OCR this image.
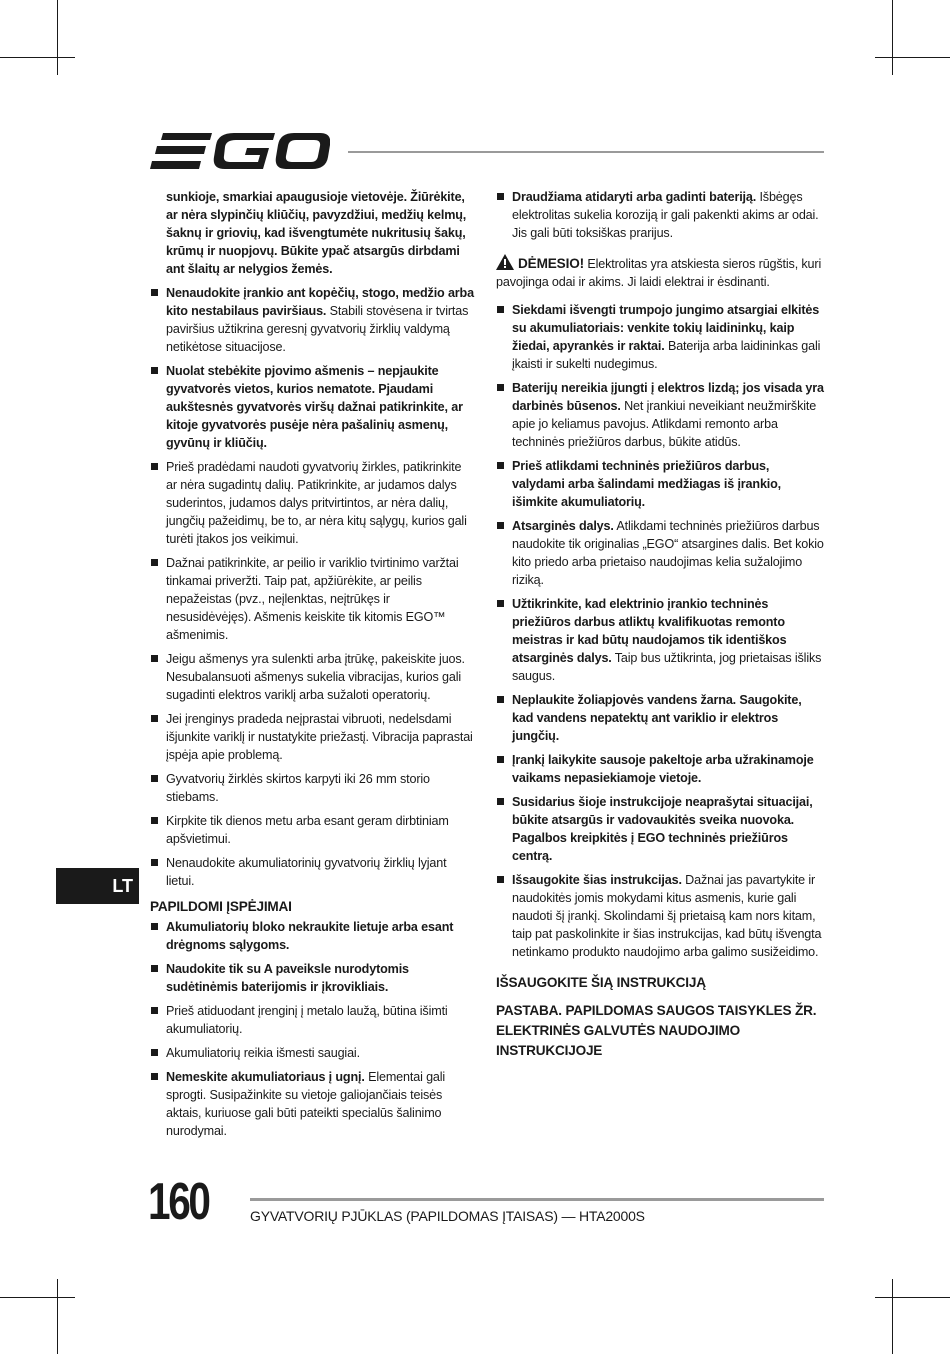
sunkioje, smarkiai apaugusioje vietovėje. Žiūrėkite, ar nėra slypinčių kliūčių, pavyzdžiui, medžių kelmų, šaknų ir griovių, kad išvengtumėte nukritusių šakų, krūmų ir nuopjovų. Būkite ypač atsargūs dirbdami ant šlaitų ar nelygios žemės.
Nenaudokite įrankio ant kopėčių, stogo, medžio arba kito nestabilaus paviršiaus. Stabili stovėsena ir tvirtas paviršius užtikrina geresnį gyvatvorių žirklių valdymą netikėtose situacijose.
Nuolat stebėkite pjovimo ašmenis – nepjaukite gyvatvorės vietos, kurios nematote. Pjaudami aukštesnės gyvatvorės viršų dažnai patikrinkite, ar kitoje gyvatvorės pusėje nėra pašalinių asmenų, gyvūnų ir kliūčių.
Prieš pradėdami naudoti gyvatvorių žirkles, patikrinkite ar nėra sugadintų dalių. Patikrinkite, ar judamos dalys suderintos, judamos dalys pritvirtintos, ar nėra dalių, jungčių pažeidimų, be to, ar nėra kitų sąlygų, kurios gali turėti įtakos jos veikimui.
Dažnai patikrinkite, ar peilio ir variklio tvirtinimo varžtai tinkamai priveržti. Taip pat, apžiūrėkite, ar peilis nepažeistas (pvz., neįlenktas, neįtrūkęs ir nesusidėvėjęs). Ašmenis keiskite tik kitomis EGO™ ašmenimis.
Jeigu ašmenys yra sulenkti arba įtrūkę, pakeiskite juos. Nesubalansuoti ašmenys sukelia vibracijas, kurios gali sugadinti elektros variklį arba sužaloti operatorių.
Jei įrenginys pradeda neįprastai vibruoti, nedelsdami išjunkite variklį ir nustatykite priežastį. Vibracija paprastai įspėja apie problemą.
Gyvatvorių žirklės skirtos karpyti iki 26 mm storio stiebams.
Kirpkite tik dienos metu arba esant geram dirbtiniam apšvietimui.
Nenaudokite akumuliatorinių gyvatvorių žirklių lyjant lietui.
PAPILDOMI ĮSPĖJIMAI
Akumuliatorių bloko nekraukite lietuje arba esant drėgnoms sąlygoms.
Naudokite tik su A paveiksle nurodytomis sudėtinėmis baterijomis ir įkrovikliais.
Prieš atiduodant įrenginį į metalo laužą, būtina išimti akumuliatorių.
Akumuliatorių reikia išmesti saugiai.
Nemeskite akumuliatoriaus į ugnį. Elementai gali sprogti. Susipažinkite su vietoje galiojančiais teisės aktais, kuriuose gali būti pateikti specialūs šalinimo nurodymai.
Draudžiama atidaryti arba gadinti bateriją. Išbėgęs elektrolitas sukelia koroziją ir gali pakenkti akims ar odai. Jis gali būti toksiškas prarijus.
DĖMESIO! Elektrolitas yra atskiesta sieros rūgštis, kuri pavojinga odai ir akims. Ji laidi elektrai ir ėsdinanti.
Siekdami išvengti trumpojo jungimo atsargiai elkitės su akumuliatoriais: venkite tokių laidininkų, kaip žiedai, apyrankės ir raktai. Baterija arba laidininkas gali įkaisti ir sukelti nudegimus.
Baterijų nereikia įjungti į elektros lizdą; jos visada yra darbinės būsenos. Net įrankiui neveikiant neužmirškite apie jo keliamus pavojus. Atlikdami remonto arba techninės priežiūros darbus, būkite atidūs.
Prieš atlikdami techninės priežiūros darbus, valydami arba šalindami medžiagas iš įrankio, išimkite akumuliatorių.
Atsarginės dalys. Atlikdami techninės priežiūros darbus naudokite tik originalias „EGO“ atsargines dalis. Bet kokio kito priedo arba prietaiso naudojimas kelia sužalojimo riziką.
Užtikrinkite, kad elektrinio įrankio techninės priežiūros darbus atliktų kvalifikuotas remonto meistras ir kad būtų naudojamos tik identiškos atsarginės dalys. Taip bus užtikrinta, jog prietaisas išliks saugus.
Neplaukite žoliapjovės vandens žarna. Saugokite, kad vandens nepatektų ant variklio ir elektros jungčių.
Įrankį laikykite sausoje pakeltoje arba užrakinamoje vaikams nepasiekiamoje vietoje.
Susidarius šioje instrukcijoje neaprašytai situacijai, būkite atsargūs ir vadovaukitės sveika nuovoka. Pagalbos kreipkitės į EGO techninės priežiūros centrą.
Išsaugokite šias instrukcijas. Dažnai jas pavartykite ir naudokitės jomis mokydami kitus asmenis, kurie gali naudoti šį įrankį. Skolindami šį prietaisą kam nors kitam, taip pat paskolinkite ir šias instrukcijas, kad būtų išvengta netinkamo produkto naudojimo arba galimo susižeidimo.
IŠSAUGOKITE ŠIĄ INSTRUKCIJĄ
PASTABA. PAPILDOMAS SAUGOS TAISYKLES ŽR. ELEKTRINĖS GALVUTĖS NAUDOJIMO INSTRUKCIJOJE
LT
160	GYVATVORIŲ PJŪKLAS (PAPILDOMAS ĮTAISAS) — HTA2000S
